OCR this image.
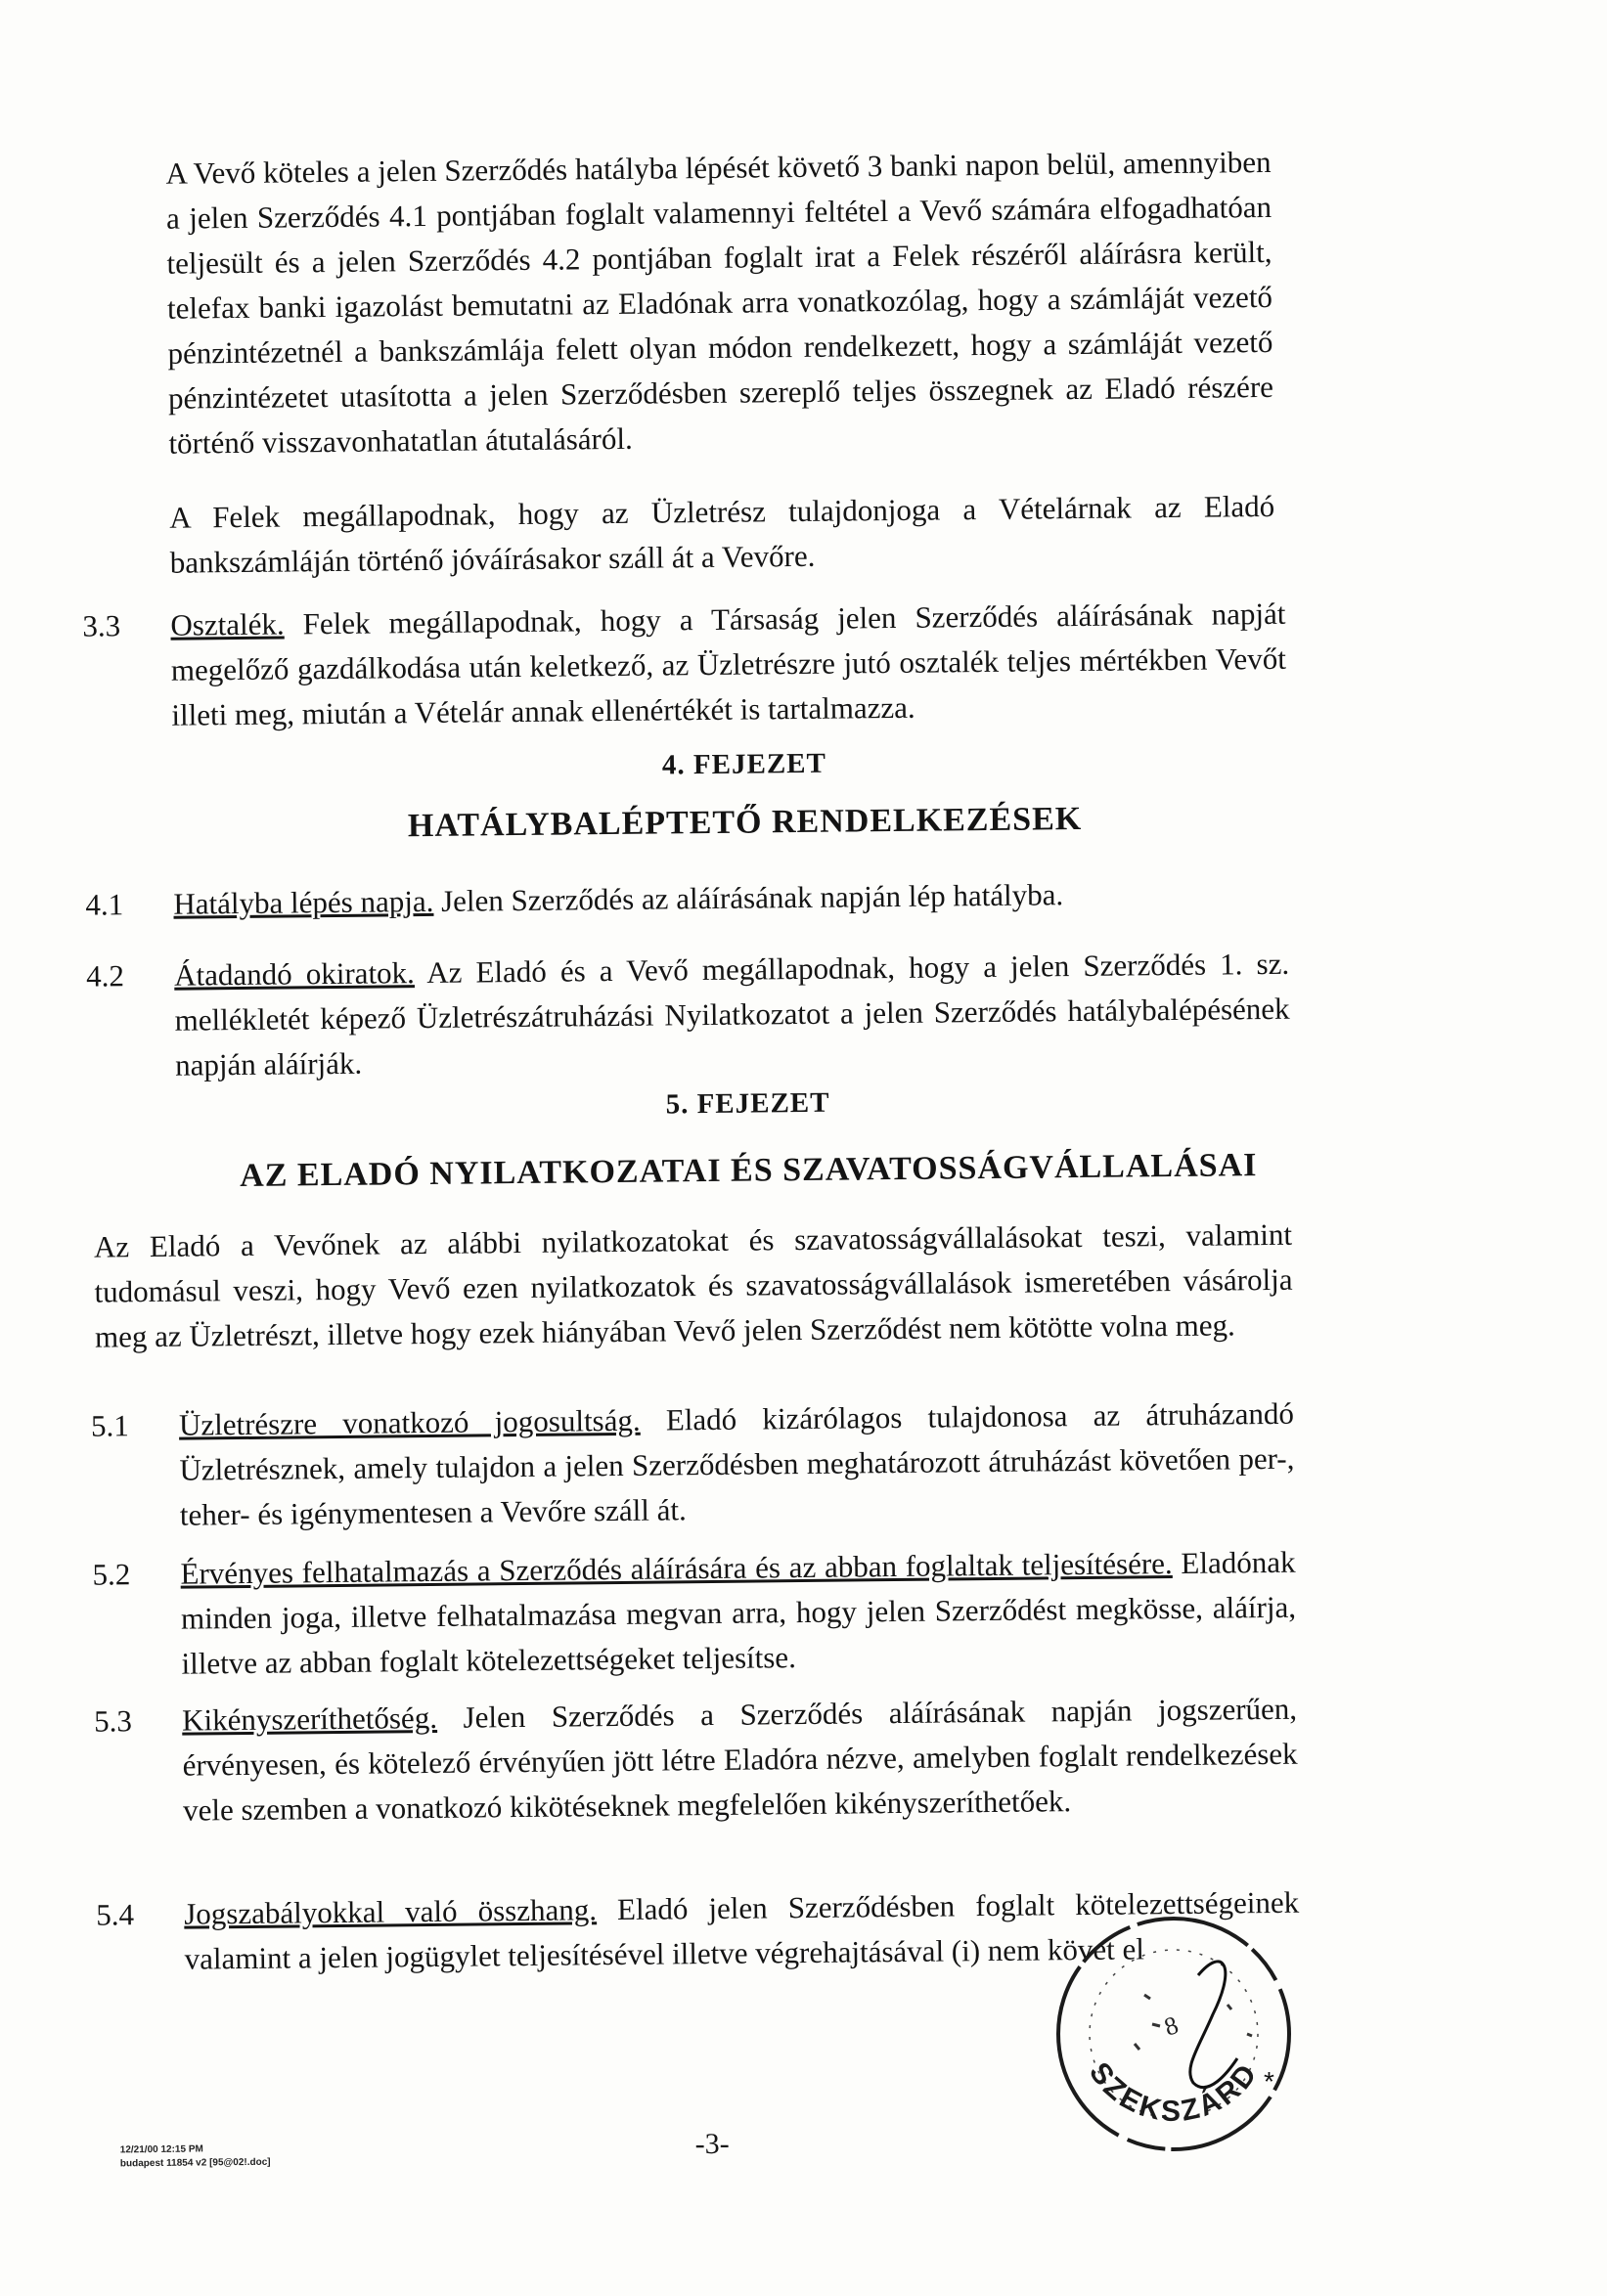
A Vevő köteles a jelen Szerződés hatályba lépését követő 3 banki napon belül, amennyiben a jelen Szerződés 4.1 pontjában foglalt valamennyi feltétel a Vevő számára elfogadhatóan teljesült és a jelen Szerződés 4.2 pontjában foglalt irat a Felek részéről aláírásra került, telefax banki igazolást bemutatni az Eladónak arra vonatkozólag, hogy a számláját vezető pénzintézetnél a bankszámlája felett olyan módon rendelkezett, hogy a számláját vezető pénzintézetet utasította a jelen Szerződésben szereplő teljes összegnek az Eladó részére történő visszavonhatatlan átutalásáról.

A Felek megállapodnak, hogy az Üzletrész tulajdonjoga a Vételárnak az Eladó bankszámláján történő jóváírásakor száll át a Vevőre.

3.3	Osztalék. Felek megállapodnak, hogy a Társaság jelen Szerződés aláírásának napját megelőző gazdálkodása után keletkező, az Üzletrészre jutó osztalék teljes mértékben Vevőt illeti meg, miután a Vételár annak ellenértékét is tartalmazza.

4. FEJEZET

HATÁLYBALÉPTETŐ RENDELKEZÉSEK

4.1	Hatályba lépés napja. Jelen Szerződés az aláírásának napján lép hatályba.
4.2	Átadandó okiratok. Az Eladó és a Vevő megállapodnak, hogy a jelen Szerződés 1. sz. mellékletét képező Üzletrészátruházási Nyilatkozatot a jelen Szerződés hatálybalépésének napján aláírják.

5. FEJEZET

AZ ELADÓ NYILATKOZATAI ÉS SZAVATOSSÁGVÁLLALÁSAI

Az Eladó a Vevőnek az alábbi nyilatkozatokat és szavatosságvállalásokat teszi, valamint tudomásul veszi, hogy Vevő ezen nyilatkozatok és szavatosságvállalások ismeretében vásárolja meg az Üzletrészt, illetve hogy ezek hiányában Vevő jelen Szerződést nem kötötte volna meg.

5.1	Üzletrészre vonatkozó jogosultság. Eladó kizárólagos tulajdonosa az átruházandó Üzletrésznek, amely tulajdon a jelen Szerződésben meghatározott átruházást követően per-, teher- és igénymentesen a Vevőre száll át.
5.2	Érvényes felhatalmazás a Szerződés aláírására és az abban foglaltak teljesítésére. Eladónak minden joga, illetve felhatalmazása megvan arra, hogy jelen Szerződést megkösse, aláírja, illetve az abban foglalt kötelezettségeket teljesítse.
5.3	Kikényszeríthetőség. Jelen Szerződés a Szerződés aláírásának napján jogszerűen, érvényesen, és kötelező érvényűen jött létre Eladóra nézve, amelyben foglalt rendelkezések vele szemben a vonatkozó kikötéseknek megfelelően kikényszeríthetőek.
5.4	Jogszabályokkal való összhang. Eladó jelen Szerződésben foglalt kötelezettségeinek valamint a jelen jogügylet teljesítésével illetve végrehajtásával (i) nem követ el
-3-
12/21/00 12:15 PM
budapest 11854 v2 [95@02!.doc]
8
SZEKSZÁRD
*
